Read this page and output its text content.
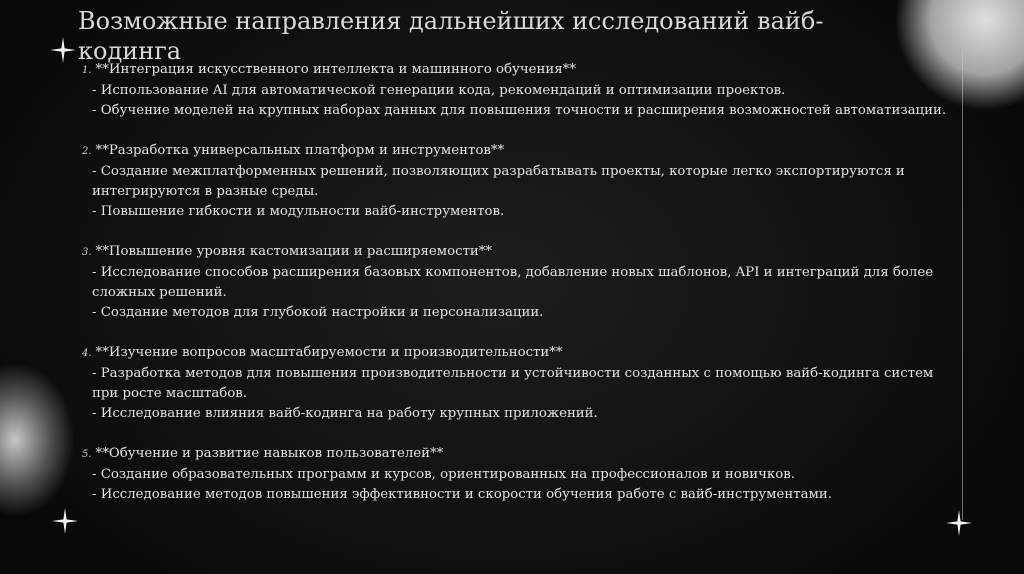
Возможные направления дальнейших исследований вайб-кодинга
1. **Интеграция искусственного интеллекта и машинного обучения**
- Использование AI для автоматической генерации кода, рекомендаций и оптимизации проектов.
- Обучение моделей на крупных наборах данных для повышения точности и расширения возможностей автоматизации.
2. **Разработка универсальных платформ и инструментов**
- Создание межплатформенных решений, позволяющих разрабатывать проекты, которые легко экспортируются и интегрируются в разные среды.
- Повышение гибкости и модульности вайб-инструментов.
3. **Повышение уровня кастомизации и расширяемости**
- Исследование способов расширения базовых компонентов, добавление новых шаблонов, API и интеграций для более сложных решений.
- Создание методов для глубокой настройки и персонализации.
4. **Изучение вопросов масштабируемости и производительности**
- Разработка методов для повышения производительности и устойчивости созданных с помощью вайб-кодинга систем при росте масштабов.
- Исследование влияния вайб-кодинга на работу крупных приложений.
5. **Обучение и развитие навыков пользователей**
- Создание образовательных программ и курсов, ориентированных на профессионалов и новичков.
- Исследование методов повышения эффективности и скорости обучения работе с вайб-инструментами.
